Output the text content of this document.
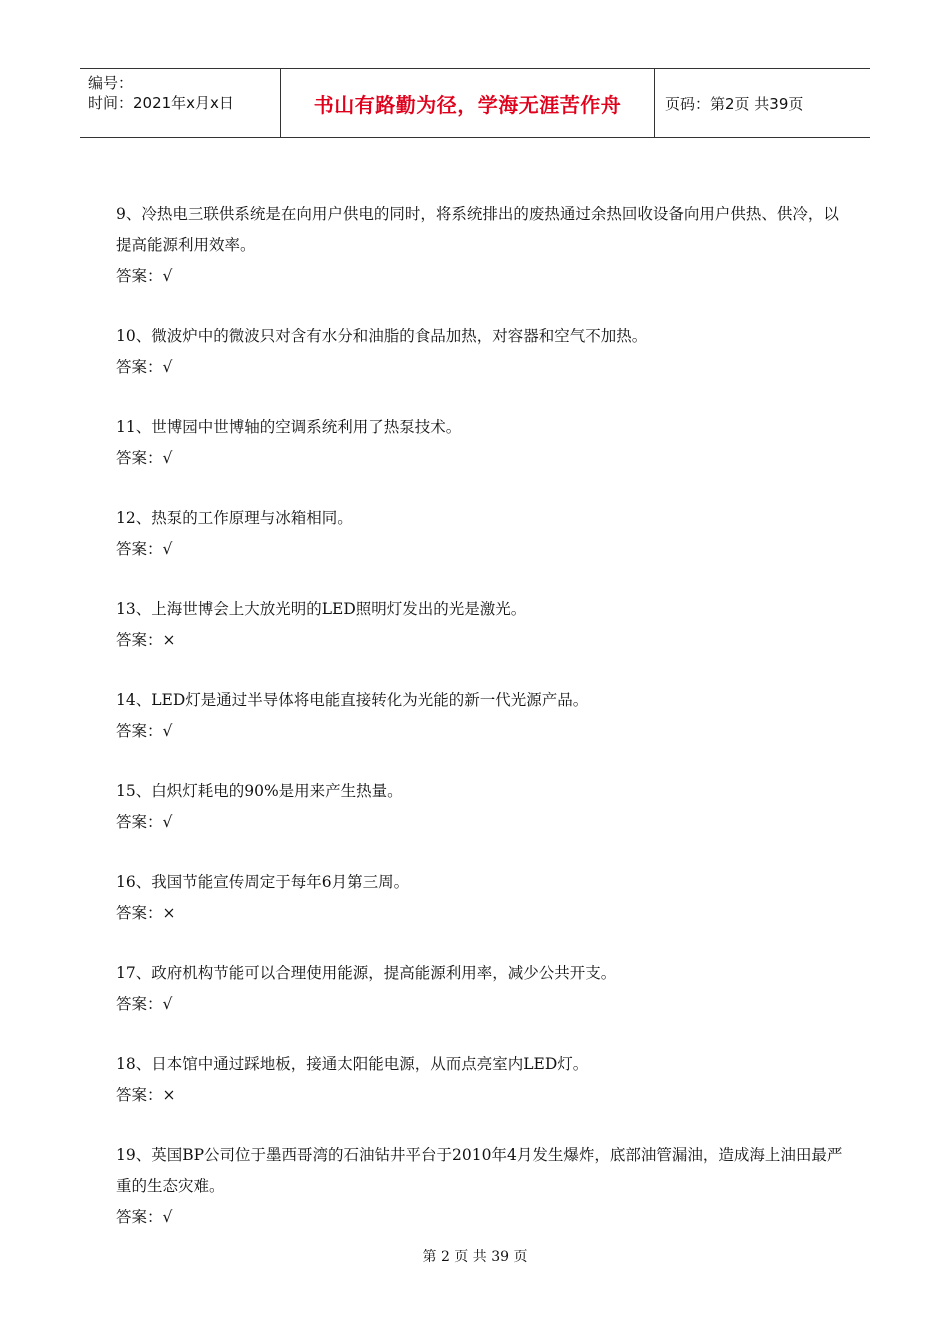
编号：
时间：2021年x月x日	书山有路勤为径，学海无涯苦作舟	页码：第2页 共39页
9、冷热电三联供系统是在向用户供电的同时，将系统排出的废热通过余热回收设备向用户供热、供冷，以提高能源利用效率。
答案：√
10、微波炉中的微波只对含有水分和油脂的食品加热，对容器和空气不加热。
答案：√
11、世博园中世博轴的空调系统利用了热泵技术。
答案：√
12、热泵的工作原理与冰箱相同。
答案：√
13、上海世博会上大放光明的LED照明灯发出的光是激光。
答案：×
14、LED灯是通过半导体将电能直接转化为光能的新一代光源产品。
答案：√
15、白炽灯耗电的90%是用来产生热量。
答案：√
16、我国节能宣传周定于每年6月第三周。
答案：×
17、政府机构节能可以合理使用能源，提高能源利用率，减少公共开支。
答案：√
18、日本馆中通过踩地板，接通太阳能电源，从而点亮室内LED灯。
答案：×
19、英国BP公司位于墨西哥湾的石油钻井平台于2010年4月发生爆炸，底部油管漏油，造成海上油田最严重的生态灾难。
答案：√
第 2 页 共 39 页
